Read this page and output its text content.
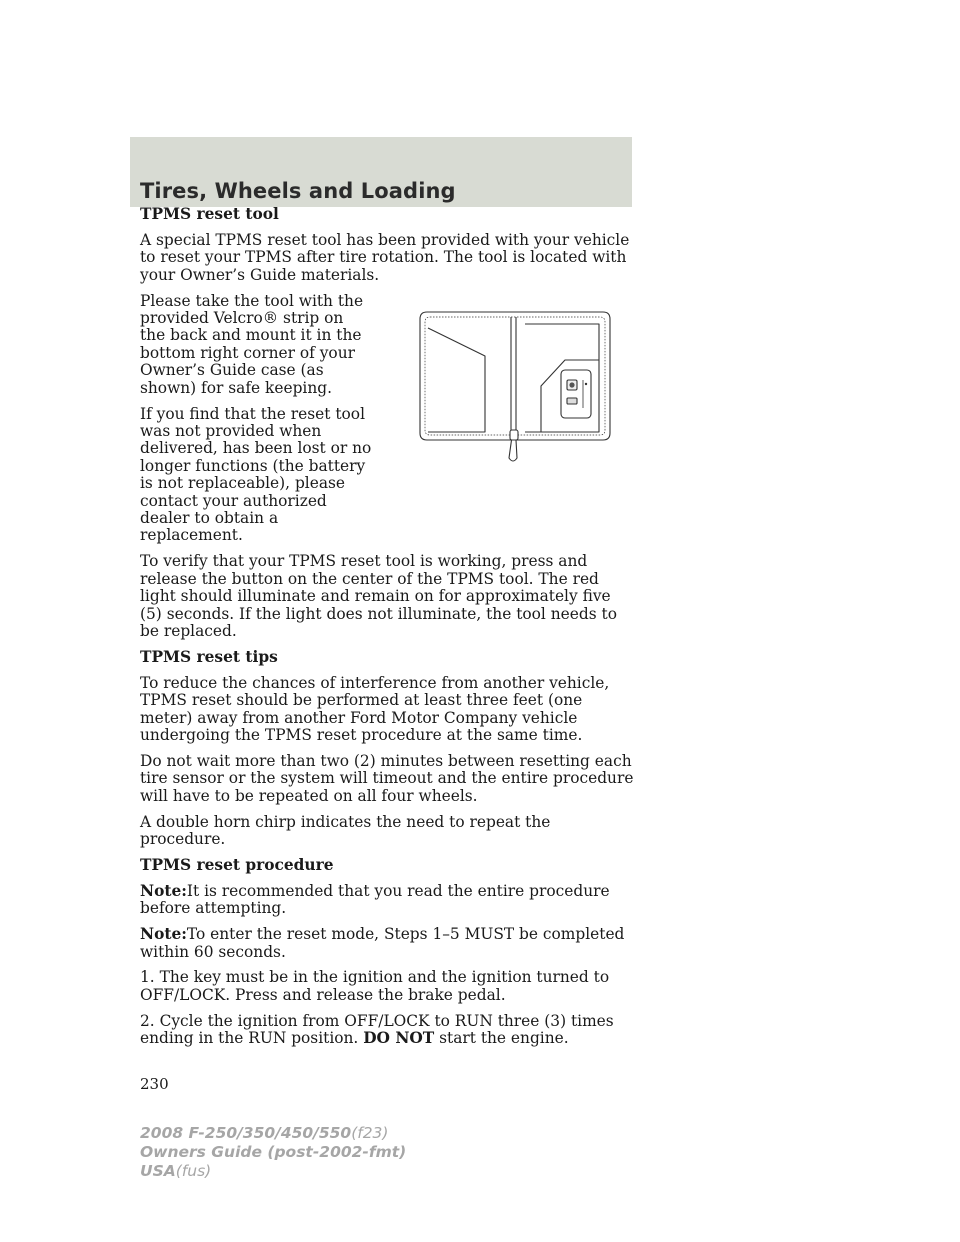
Tires, Wheels and Loading
TPMS reset tool

A special TPMS reset tool has been provided with your vehicle to reset your TPMS after tire rotation. The tool is located with your Owner’s Guide materials.

Please take the tool with the provided Velcro® strip on the back and mount it in the bottom right corner of your Owner’s Guide case (as shown) for safe keeping.

If you find that the reset tool was not provided when delivered, has been lost or no longer functions (the battery is not replaceable), please contact your authorized dealer to obtain a replacement.

To verify that your TPMS reset tool is working, press and release the button on the center of the TPMS tool. The red light should illuminate and remain on for approximately five (5) seconds. If the light does not illuminate, the tool needs to be replaced.

TPMS reset tips

To reduce the chances of interference from another vehicle, TPMS reset should be performed at least three feet (one meter) away from another Ford Motor Company vehicle undergoing the TPMS reset procedure at the same time.

Do not wait more than two (2) minutes between resetting each tire sensor or the system will timeout and the entire procedure will have to be repeated on all four wheels.

A double horn chirp indicates the need to repeat the procedure.

TPMS reset procedure

Note:It is recommended that you read the entire procedure before attempting.

Note:To enter the reset mode, Steps 1–5 MUST be completed within 60 seconds.

1. The key must be in the ignition and the ignition turned to OFF/LOCK. Press and release the brake pedal.

2. Cycle the ignition from OFF/LOCK to RUN three (3) times ending in the RUN position. DO NOT start the engine.

230
2008 F-250/350/450/550(f23)
Owners Guide (post-2002-fmt)
USA(fus)
